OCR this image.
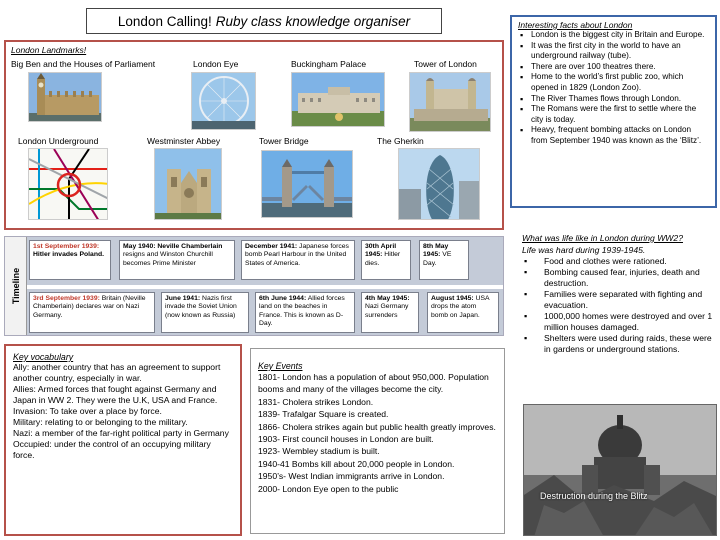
London Calling! Ruby class knowledge organiser
London Landmarks!
Big Ben and the Houses of Parliament	London Eye	Buckingham Palace	Tower of London
London Underground	Westminster Abbey	Tower Bridge	The Gherkin
Interesting facts about London
▪ London is the biggest city in Britain and Europe.
▪ It was the first city in the world to have an underground railway (tube).
▪ There are over 100 theatres there.
▪ Home to the world’s first public zoo, which opened in 1829 (London Zoo).
▪ The River Thames flows through London.
▪ The Romans were the first to settle where the city is today.
▪ Heavy, frequent bombing attacks on London from September 1940 was known as the ‘Blitz’.
Timeline
1st September 1939: Hitler invades Poland.
May 1940: Neville Chamberlain resigns and Winston Churchill becomes Prime Minister
December 1941: Japanese forces bomb Pearl Harbour in the United States of America.
30th April 1945: Hitler dies.
8th May 1945: VE Day.
3rd September 1939: Britain (Neville Chamberlain) declares war on Nazi Germany.
June 1941: Nazis first invade the Soviet Union (now known as Russia)
6th June 1944: Allied forces land on the beaches in France. This is known as D-Day.
4th May 1945: Nazi Germany surrenders
August 1945: USA drops the atom bomb on Japan.
Key vocabulary

Ally: another country that has an agreement to support another country, especially in war.

Allies: Armed forces that fought against Germany and Japan in WW 2. They were the U.K, USA and France.

Invasion: To take over a place by force.

Military: relating to or belonging to the military.

Nazi: a member of the far-right political party in Germany

Occupied: under the control of an occupying military force.

Key Events

1801- London has a population of about 950,000. Population booms and many of the villages become the city.

1831- Cholera strikes London.

1839- Trafalgar Square is created.

1866- Cholera strikes again but public health greatly improves.

1903- First council houses in London are built.

1923- Wembley stadium is built.

1940-41 Bombs kill about 20,000 people in London.

1950’s- West Indian immigrants arrive in London.

2000- London Eye open to the public

What was life like in London during WW2?
Life was hard during 1939-1945.
▪ Food and clothes were rationed.
▪ Bombing caused fear, injuries, death and destruction.
▪ Families were separated with fighting and evacuation.
▪ 1000,000 homes were destroyed and over 1 million houses damaged.
▪ Shelters were used during raids, these were in gardens or underground stations.
Destruction during the Blitz
